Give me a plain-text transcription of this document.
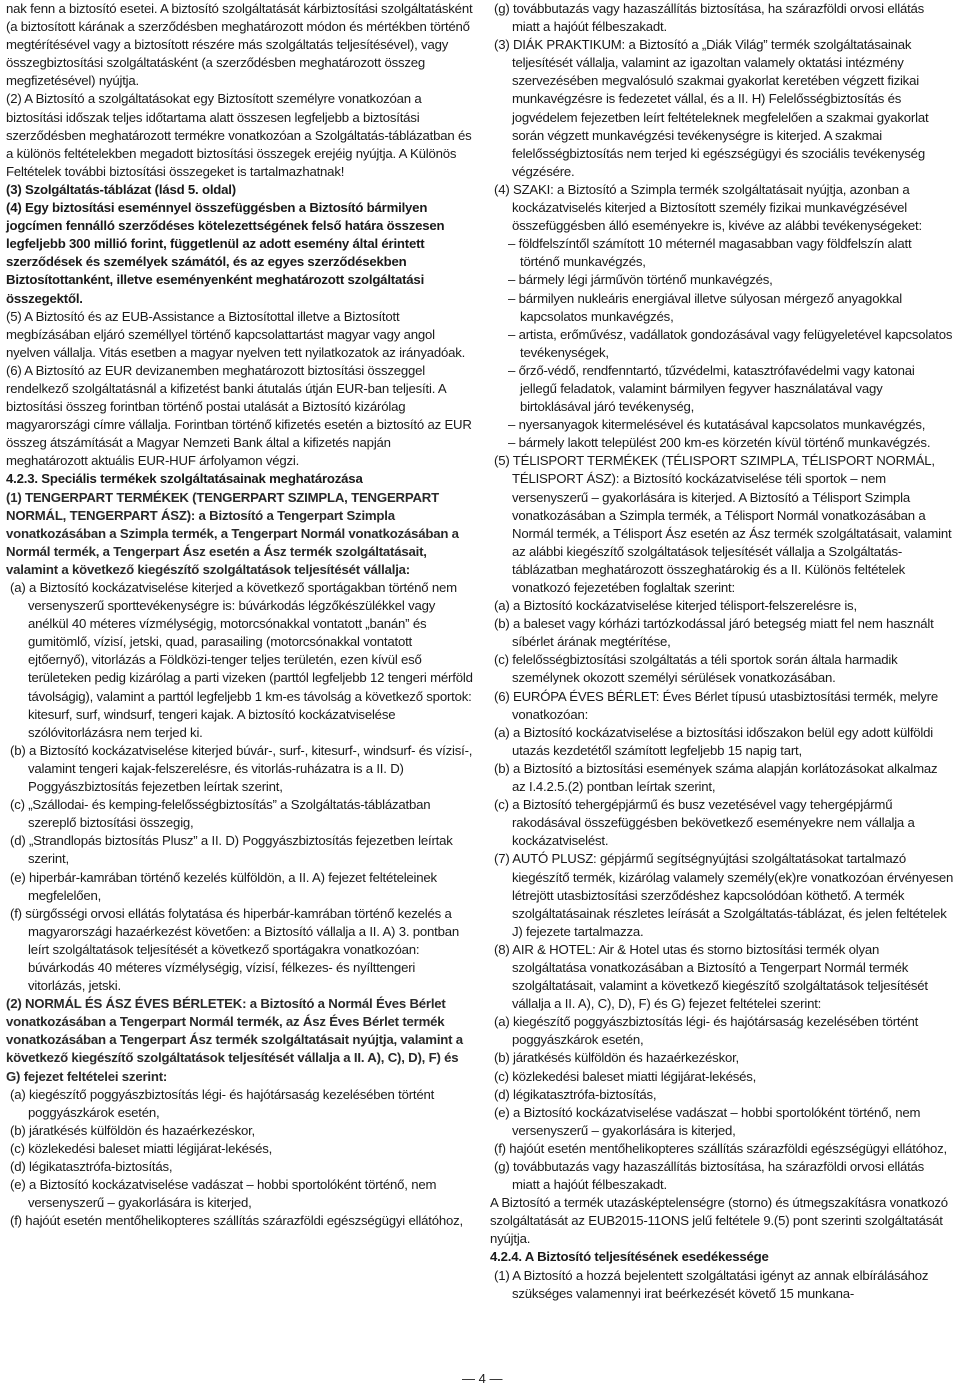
nak fenn a biztosító esetei. A biztosító szolgáltatását kárbiztosítási szolgáltatásként (a biztosított kárának a szerződésben meghatározott módon és mértékben történő megtérítésével vagy a biztosított részére más szolgáltatás teljesítésével), vagy összegbiztosítási szolgáltatásként (a szerződésben meghatározott összeg megfizetésével) nyújtja.

(2) A Biztosító a szolgáltatásokat egy Biztosított személyre vonatkozóan a biztosítási időszak teljes időtartama alatt összesen legfeljebb a biztosítási szerződésben meghatározott termékre vonatkozóan a Szolgáltatás-táblázatban és a különös feltételekben megadott biztosítási összegek erejéig nyújtja. A Különös Feltételek további biztosítási összegeket is tartalmazhatnak!

(3) Szolgáltatás-táblázat (lásd 5. oldal)

(4) Egy biztosítási eseménnyel összefüggésben a Biztosító bármilyen jogcímen fennálló szerződéses kötelezettségének felső határa összesen legfeljebb 300 millió forint, függetlenül az adott esemény által érintett szerződések és személyek számától, és az egyes szerződésekben Biztosítottanként, illetve eseményenként meghatározott szolgáltatási összegektől.

(5) A Biztosító és az EUB-Assistance a Biztosítottal illetve a Biztosított megbízásában eljáró személlyel történő kapcsolattartást magyar vagy angol nyelven vállalja. Vitás esetben a magyar nyelven tett nyilatkozatok az irányadóak.

(6) A Biztosító az EUR devizanemben meghatározott biztosítási összeggel rendelkező szolgáltatásnál a kifizetést banki átutalás útján EUR-ban teljesíti. A biztosítási összeg forintban történő postai utalását a Biztosító kizárólag magyarországi címre vállalja. Forintban történő kifizetés esetén a biztosító az EUR összeg átszámítását a Magyar Nemzeti Bank által a kifizetés napján meghatározott aktuális EUR-HUF árfolyamon végzi.

4.2.3. Speciális termékek szolgáltatásainak meghatározása

(1) TENGERPART TERMÉKEK (TENGERPART SZIMPLA, TENGERPART NORMÁL, TENGERPART ÁSZ): a Biztosító a Tengerpart Szimpla vonatkozásában a Szimpla termék, a Tengerpart Normál vonatkozásában a Normál termék, a Tengerpart Ász esetén a Ász termék szolgáltatásait, valamint a következő kiegészítő szolgáltatások teljesítését vállalja:

(a) a Biztosító kockázatviselése kiterjed a következő sportágakban történő nem versenyszerű sporttevékenységre is: búvárkodás légzőkészülékkel vagy anélkül 40 méteres vízmélységig, motorcsónakkal vontatott „banán” és gumitömlő, vízisí, jetski, quad, parasailing (motorcsónakkal vontatott ejtőernyő), vitorlázás a Földközi-tenger teljes területén, ezen kívül eső területeken pedig kizárólag a parti vizeken (parttól legfeljebb 12 tengeri mérföld távolságig), valamint a parttól legfeljebb 1 km-es távolság a következő sportok: kitesurf, surf, windsurf, tengeri kajak. A biztosító kockázatviselése szólóvitorlázásra nem terjed ki.

(b) a Biztosító kockázatviselése kiterjed búvár-, surf-, kitesurf-, windsurf- és vízisí-, valamint tengeri kajak-felszerelésre, és vitorlás-ruházatra is a II. D) Poggyászbiztosítás fejezetben leírtak szerint,

(c) „Szállodai- és kemping-felelősségbiztosítás” a Szolgáltatás-táblázatban szereplő biztosítási összegig,

(d) „Strandlopás biztosítás Plusz” a II. D) Poggyászbiztosítás fejezetben leírtak szerint,

(e) hiperbár-kamrában történő kezelés külföldön, a II. A) fejezet feltételeinek megfelelően,

(f) sürgősségi orvosi ellátás folytatása és hiperbár-kamrában történő kezelés a magyarországi hazaérkezést követően: a Biztosító vállalja a II. A) 3. pontban leírt szolgáltatások teljesítését a következő sportágakra vonatkozóan: búvárkodás 40 méteres vízmélységig, vízisí, félkezes- és nyílttengeri vitorlázás, jetski.

(2) NORMÁL ÉS ÁSZ ÉVES BÉRLETEK: a Biztosító a Normál Éves Bérlet vonatkozásában a Tengerpart Normál termék, az Ász Éves Bérlet termék vonatkozásában a Tengerpart Ász termék szolgáltatásait nyújtja, valamint a következő kiegészítő szolgáltatások teljesítését vállalja a II. A), C), D), F) és G) fejezet feltételei szerint:

(a) kiegészítő poggyászbiztosítás légi- és hajótársaság kezelésében történt poggyászkárok esetén,

(b) járatkésés külföldön és hazaérkezéskor,

(c) közlekedési baleset miatti légijárat-lekésés,

(d) légikatasztrófa-biztosítás,

(e) a Biztosító kockázatviselése vadászat – hobbi sportolóként történő, nem versenyszerű – gyakorlására is kiterjed,

(f) hajóút esetén mentőhelikopteres szállítás szárazföldi egészségügyi ellátóhoz,

(g) továbbutazás vagy hazaszállítás biztosítása, ha szárazföldi orvosi ellátás miatt a hajóút félbeszakadt.

(3) DIÁK PRAKTIKUM: a Biztosító a „Diák Világ” termék szolgáltatásainak teljesítését vállalja, valamint az igazoltan valamely oktatási intézmény szervezésében megvalósuló szakmai gyakorlat keretében végzett fizikai munkavégzésre is fedezetet vállal, és a II. H) Felelősségbiztosítás és jogvédelem fejezetben leírt feltételeknek megfelelően a szakmai gyakorlat során végzett munkavégzési tevékenységre is kiterjed. A szakmai felelősségbiztosítás nem terjed ki egészségügyi és szociális tevékenység végzésére.

(4) SZAKI: a Biztosító a Szimpla termék szolgáltatásait nyújtja, azonban a kockázatviselés kiterjed a Biztosított személy fizikai munkavégzésével összefüggésben álló eseményekre is, kivéve az alábbi tevékenységeket:

– földfelszíntől számított 10 méternél magasabban vagy földfelszín alatt történő munkavégzés,

– bármely légi járművön történő munkavégzés,

– bármilyen nukleáris energiával illetve súlyosan mérgező anyagokkal kapcsolatos munkavégzés,

– artista, erőművész, vadállatok gondozásával vagy felügyeletével kapcsolatos tevékenységek,

– őrző-védő, rendfenntartó, tűzvédelmi, katasztrófavédelmi vagy katonai jellegű feladatok, valamint bármilyen fegyver használatával vagy birtoklásával járó tevékenység,

– nyersanyagok kitermelésével és kutatásával kapcsolatos munkavégzés,

– bármely lakott települést 200 km-es körzetén kívül történő munkavégzés.

(5) TÉLISPORT TERMÉKEK (TÉLISPORT SZIMPLA, TÉLISPORT NORMÁL, TÉLISPORT ÁSZ): a Biztosító kockázatviselése téli sportok – nem versenyszerű – gyakorlására is kiterjed. A Biztosító a Télisport Szimpla vonatkozásában a Szimpla termék, a Télisport Normál vonatkozásában a Normál termék, a Télisport Ász esetén az Ász termék szolgáltatásait, valamint az alábbi kiegészítő szolgáltatások teljesítését vállalja a Szolgáltatás-táblázatban meghatározott összeghatárokig és a II. Különös feltételek vonatkozó fejezetében foglaltak szerint:

(a) a Biztosító kockázatviselése kiterjed télisport-felszerelésre is,

(b) a baleset vagy kórházi tartózkodással járó betegség miatt fel nem használt síbérlet árának megtérítése,

(c) felelősségbiztosítási szolgáltatás a téli sportok során általa harmadik személynek okozott személyi sérülések vonatkozásában.

(6) EURÓPA ÉVES BÉRLET: Éves Bérlet típusú utasbiztosítási termék, melyre vonatkozóan:

(a) a Biztosító kockázatviselése a biztosítási időszakon belül egy adott külföldi utazás kezdetétől számított legfeljebb 15 napig tart,

(b) a Biztosító a biztosítási események száma alapján korlátozásokat alkalmaz az I.4.2.5.(2) pontban leírtak szerint,

(c) a Biztosító tehergépjármű és busz vezetésével vagy tehergépjármű rakodásával összefüggésben bekövetkező eseményekre nem vállalja a kockázatviselést.

(7) AUTÓ PLUSZ: gépjármű segítségnyújtási szolgáltatásokat tartalmazó kiegészítő termék, kizárólag valamely személy(ek)re vonatkozóan érvényesen létrejött utasbiztosítási szerződéshez kapcsolódóan köthető. A termék szolgáltatásainak részletes leírását a Szolgáltatás-táblázat, és jelen feltételek J) fejezete tartalmazza.

(8) AIR & HOTEL: Air & Hotel utas és storno biztosítási termék olyan szolgáltatása vonatkozásában a Biztosító a Tengerpart Normál termék szolgáltatásait, valamint a következő kiegészítő szolgáltatások teljesítését vállalja a II. A), C), D), F) és G) fejezet feltételei szerint:

(a) kiegészítő poggyászbiztosítás légi- és hajótársaság kezelésében történt poggyászkárok esetén,

(b) járatkésés külföldön és hazaérkezéskor,

(c) közlekedési baleset miatti légijárat-lekésés,

(d) légikatasztrófa-biztosítás,

(e) a Biztosító kockázatviselése vadászat – hobbi sportolóként történő, nem versenyszerű – gyakorlására is kiterjed,

(f) hajóút esetén mentőhelikopteres szállítás szárazföldi egészségügyi ellátóhoz,

(g) továbbutazás vagy hazaszállítás biztosítása, ha szárazföldi orvosi ellátás miatt a hajóút félbeszakadt.

A Biztosító a termék utazásképtelenségre (storno) és útmegszakításra vonatkozó szolgáltatását az EUB2015-11ONS jelű feltétele 9.(5) pont szerinti szolgáltatását nyújtja.

4.2.4. A Biztosító teljesítésének esedékessége

(1) A Biztosító a hozzá bejelentett szolgáltatási igényt az annak elbírálásához szükséges valamennyi irat beérkezését követő 15 munkana-

— 4 —
